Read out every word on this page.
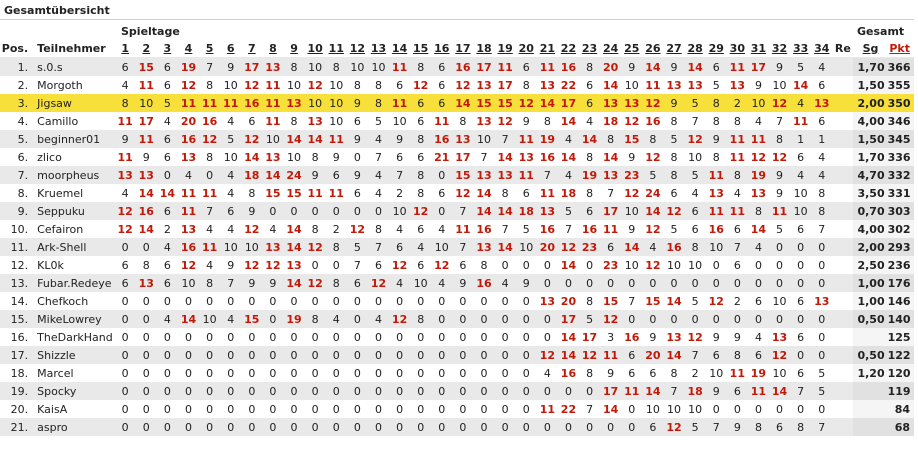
Gesamtübersicht
Spieltage	Gesamt
Pos.	Teilnehmer	1	2	3	4	5	6	7	8	9	10	11	12	13	14	15	16	17	18	19	20	21	22	23	24	25	26	27	28	29	30	31	32	33	34	Re	Sg	Pkt
1.	s.0.s	6	15	6	19	7	9	17	13	8	10	8	10	10	11	8	6	16	17	11	6	11	16	8	20	9	14	9	14	6	11	17	9	5	4		1,70	366
2.	Morgoth	4	11	6	12	8	10	12	11	10	12	10	8	8	6	12	6	12	13	17	8	13	22	6	14	10	11	13	13	5	13	9	10	14	6		1,50	355
3.	Jigsaw	8	10	5	11	11	11	16	11	13	10	10	9	8	11	6	6	14	15	15	12	14	17	6	13	13	12	9	5	8	2	10	12	4	13		2,00	350
4.	Camillo	11	17	4	20	16	4	6	11	8	13	10	6	5	10	6	11	8	13	12	9	8	14	4	18	12	16	8	7	8	8	4	7	11	6		4,00	346
5.	beginner01	9	11	6	16	12	5	12	10	14	14	11	9	4	9	8	16	13	10	7	11	19	4	14	8	15	8	5	12	9	11	11	8	1	1		1,50	345
6.	zlico	11	9	6	13	8	10	14	13	10	8	9	0	7	6	6	21	17	7	14	13	16	14	8	14	9	12	8	10	8	11	12	12	6	4		1,70	336
7.	moorpheus	13	13	0	4	0	4	18	14	24	9	6	9	4	7	8	0	15	13	13	11	7	4	19	13	23	5	8	5	11	8	19	9	4	4		4,70	332
8.	Kruemel	4	14	14	11	11	4	8	15	15	11	11	6	4	2	8	6	12	14	8	6	11	18	8	7	12	24	6	4	13	4	13	9	10	8		3,50	331
9.	Seppuku	12	16	6	11	7	6	9	0	0	0	0	0	0	10	12	0	7	14	14	18	13	5	6	17	10	14	12	6	11	11	8	11	10	8		0,70	303
10.	Cefairon	12	14	2	13	4	4	12	4	14	8	2	12	8	4	6	4	11	16	7	5	16	7	16	11	9	12	5	6	16	6	14	5	6	7		4,00	302
11.	Ark-Shell	0	0	4	16	11	10	10	13	14	12	8	5	7	6	4	10	7	13	14	10	20	12	23	6	14	4	16	8	10	7	4	0	0	0		2,00	293
12.	KL0k	6	8	6	12	4	9	12	12	13	0	0	7	6	12	6	12	6	8	0	0	0	14	0	23	10	12	10	10	0	6	0	0	0	0		2,50	236
13.	Fubar.Redeye	6	13	6	10	8	7	9	9	14	12	8	6	12	4	10	4	9	16	4	9	0	0	0	0	0	0	0	0	0	0	0	0	0	0		1,00	176
14.	Chefkoch	0	0	0	0	0	0	0	0	0	0	0	0	0	0	0	0	0	0	0	0	13	20	8	15	7	15	14	5	12	2	6	10	6	13		1,00	146
15.	MikeLowrey	0	0	4	14	10	4	15	0	19	8	4	0	4	12	8	0	0	0	0	0	0	17	5	12	0	0	0	0	0	0	0	0	0	0		0,50	140
16.	TheDarkHand	0	0	0	0	0	0	0	0	0	0	0	0	0	0	0	0	0	0	0	0	0	14	17	3	16	9	13	12	9	9	4	13	6	0			125
17.	Shizzle	0	0	0	0	0	0	0	0	0	0	0	0	0	0	0	0	0	0	0	0	12	14	12	11	6	20	14	7	6	8	6	12	0	0		0,50	122
18.	Marcel	0	0	0	0	0	0	0	0	0	0	0	0	0	0	0	0	0	0	0	0	4	16	8	9	6	6	8	2	10	11	19	10	6	5		1,20	120
19.	Spocky	0	0	0	0	0	0	0	0	0	0	0	0	0	0	0	0	0	0	0	0	0	0	0	17	11	14	7	18	9	6	11	14	7	5			119
20.	KaisA	0	0	0	0	0	0	0	0	0	0	0	0	0	0	0	0	0	0	0	0	11	22	7	14	0	10	10	10	0	0	0	0	0	0			84
21.	aspro	0	0	0	0	0	0	0	0	0	0	0	0	0	0	0	0	0	0	0	0	0	0	0	0	0	6	12	5	7	9	8	6	8	7			68
